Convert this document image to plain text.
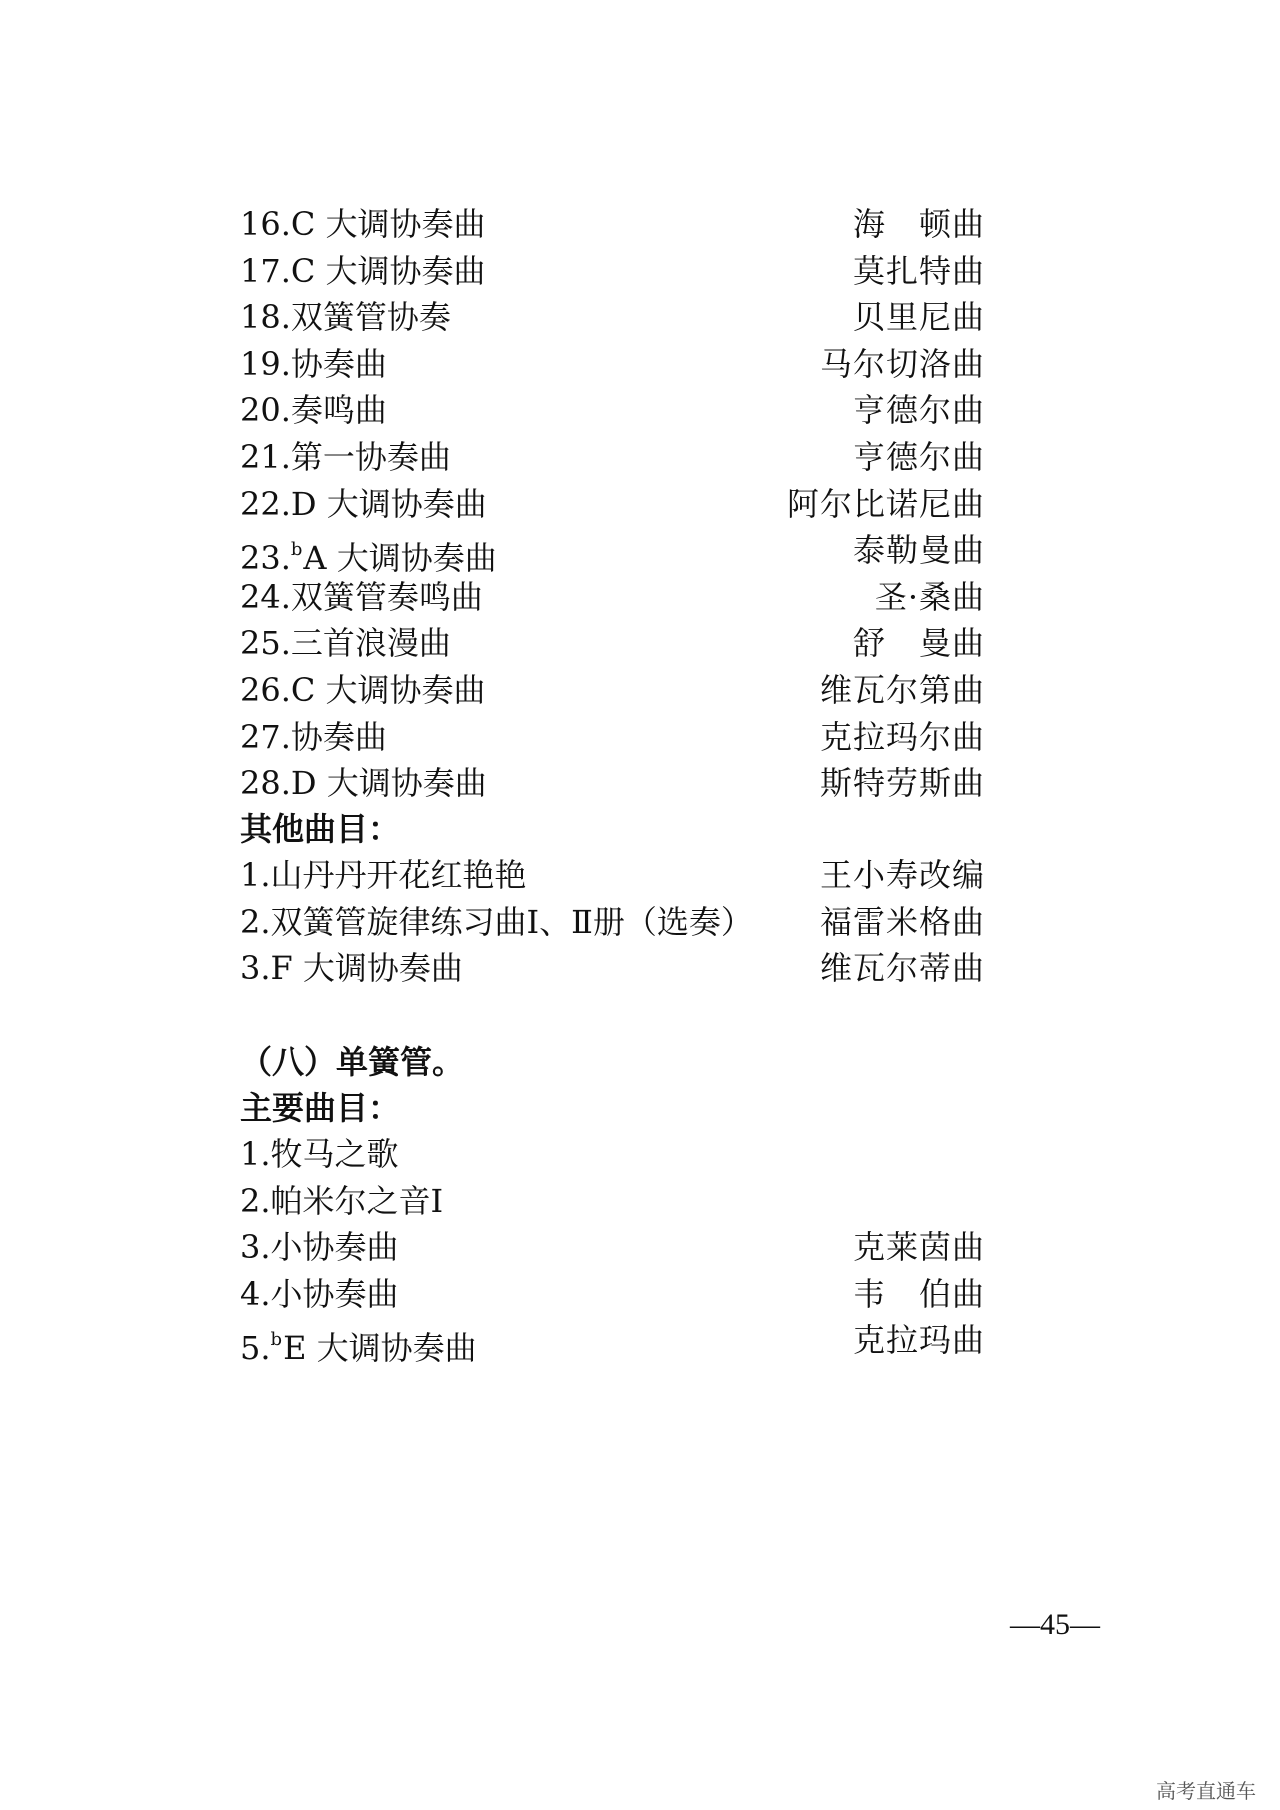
16.C 大调协奏曲	海　顿曲
17.C 大调协奏曲	莫扎特曲
18.双簧管协奏	贝里尼曲
19.协奏曲	马尔切洛曲
20.奏鸣曲	亨德尔曲
21.第一协奏曲	亨德尔曲
22.D 大调协奏曲	阿尔比诺尼曲
23.$^b$A 大调协奏曲	泰勒曼曲
24.双簧管奏鸣曲	圣·桑曲
25.三首浪漫曲	舒　曼曲
26.C 大调协奏曲	维瓦尔第曲
27.协奏曲	克拉玛尔曲
28.D 大调协奏曲	斯特劳斯曲
其他曲目：
1.山丹丹开花红艳艳	王小寿改编
2.双簧管旋律练习曲Ⅰ、Ⅱ册（选奏） 福雷米格曲
3.F 大调协奏曲	维瓦尔蒂曲
（八）单簧管。
主要曲目：
1.牧马之歌
2.帕米尔之音Ⅰ
3.小协奏曲	克莱茵曲
4.小协奏曲	韦　伯曲
5.$^b$E 大调协奏曲	克拉玛曲
—45—
高考直通车
